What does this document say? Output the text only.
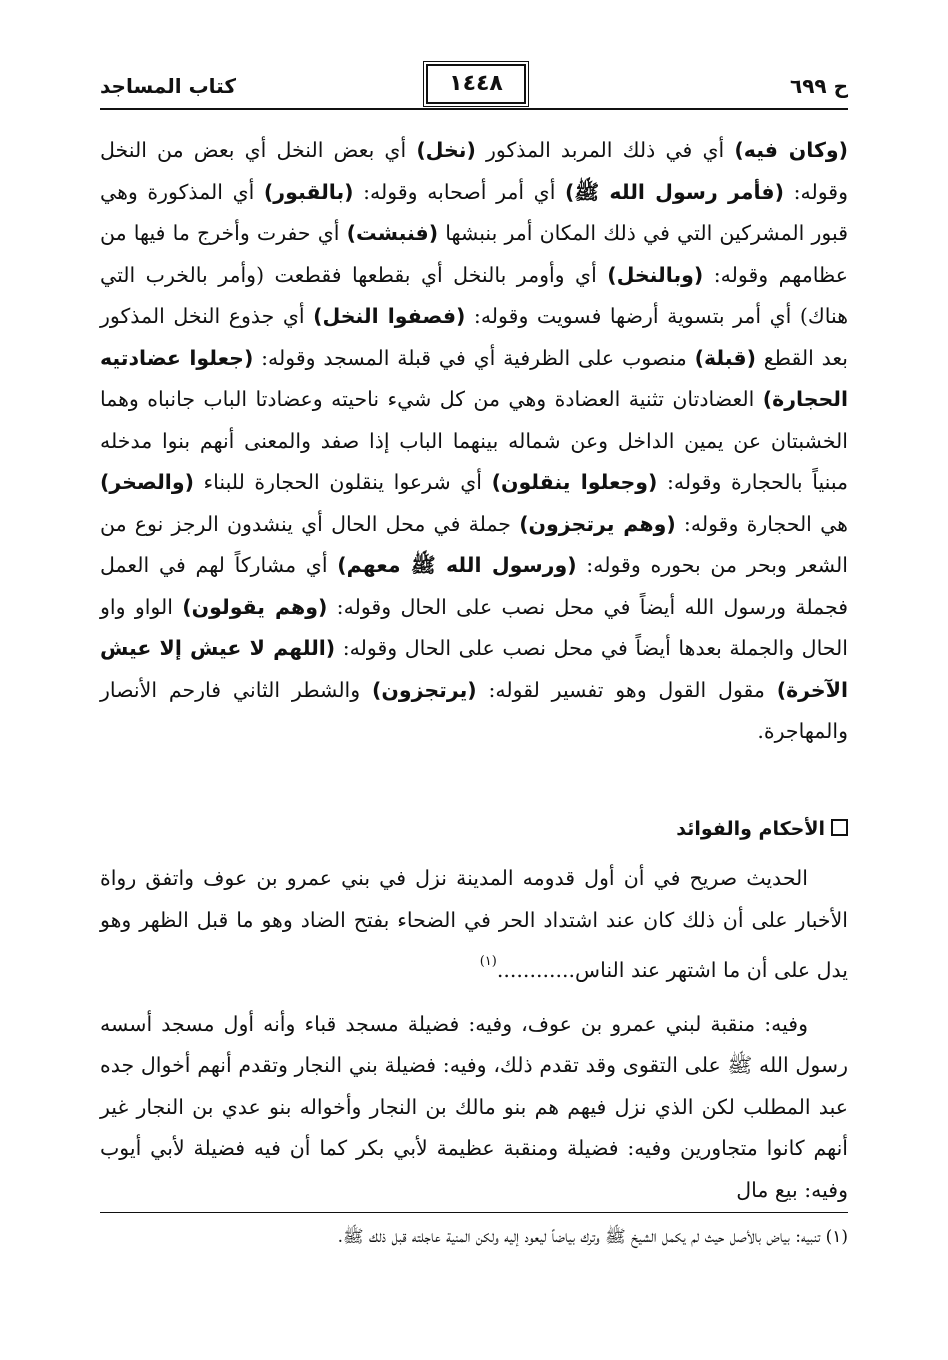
ح ٦٩٩
١٤٤٨
كتاب المساجد

(وكان فيه) أي في ذلك المربد المذكور (نخل) أي بعض النخل أي بعض من النخل وقوله: (فأمر رسول الله ﷺ) أي أمر أصحابه وقوله: (بالقبور) أي المذكورة وهي قبور المشركين التي في ذلك المكان أمر بنبشها (فنبشت) أي حفرت وأخرج ما فيها من عظامهم وقوله: (وبالنخل) أي وأومر بالنخل أي بقطعها فقطعت (وأمر بالخرب التي هناك) أي أمر بتسوية أرضها فسويت وقوله: (فصفوا النخل) أي جذوع النخل المذكور بعد القطع (قبلة) منصوب على الظرفية أي في قبلة المسجد وقوله: (جعلوا عضادتيه الحجارة) العضادتان تثنية العضادة وهي من كل شيء ناحيته وعضادتا الباب جانباه وهما الخشبتان عن يمين الداخل وعن شماله بينهما الباب إذا صفد والمعنى أنهم بنوا مدخله مبنياً بالحجارة وقوله: (وجعلوا ينقلون) أي شرعوا ينقلون الحجارة للبناء (والصخر) هي الحجارة وقوله: (وهم يرتجزون) جملة في محل الحال أي ينشدون الرجز نوع من الشعر وبحر من بحوره وقوله: (ورسول الله ﷺ معهم) أي مشاركاً لهم في العمل فجملة ورسول الله أيضاً في محل نصب على الحال وقوله: (وهم يقولون) الواو واو الحال والجملة بعدها أيضاً في محل نصب على الحال وقوله: (اللهم لا عيش إلا عيش الآخرة) مقول القول وهو تفسير لقوله: (يرتجزون) والشطر الثاني فارحم الأنصار والمهاجرة.

الأحكام والفوائد

الحديث صريح في أن أول قدومه المدينة نزل في بني عمرو بن عوف واتفق رواة الأخبار على أن ذلك كان عند اشتداد الحر في الضحاء بفتح الضاد وهو ما قبل الظهر وهو يدل على أن ما اشتهر عند الناس............$^{(١)}$

وفيه: منقبة لبني عمرو بن عوف، وفيه: فضيلة مسجد قباء وأنه أول مسجد أسسه رسول الله ﷺ على التقوى وقد تقدم ذلك، وفيه: فضيلة بني النجار وتقدم أنهم أخوال جده عبد المطلب لكن الذي نزل فيهم هم بنو مالك بن النجار وأخواله بنو عدي بن النجار غير أنهم كانوا متجاورين وفيه: فضيلة ومنقبة عظيمة لأبي بكر كما أن فيه فضيلة لأبي أيوب وفيه: بيع مال

(١) تنبيه: بياض بالأصل حيث لم يكمل الشيخ ﷺ وترك بياضاً ليعود إليه ولكن المنية عاجلته قبل ذلك ﷺ.
